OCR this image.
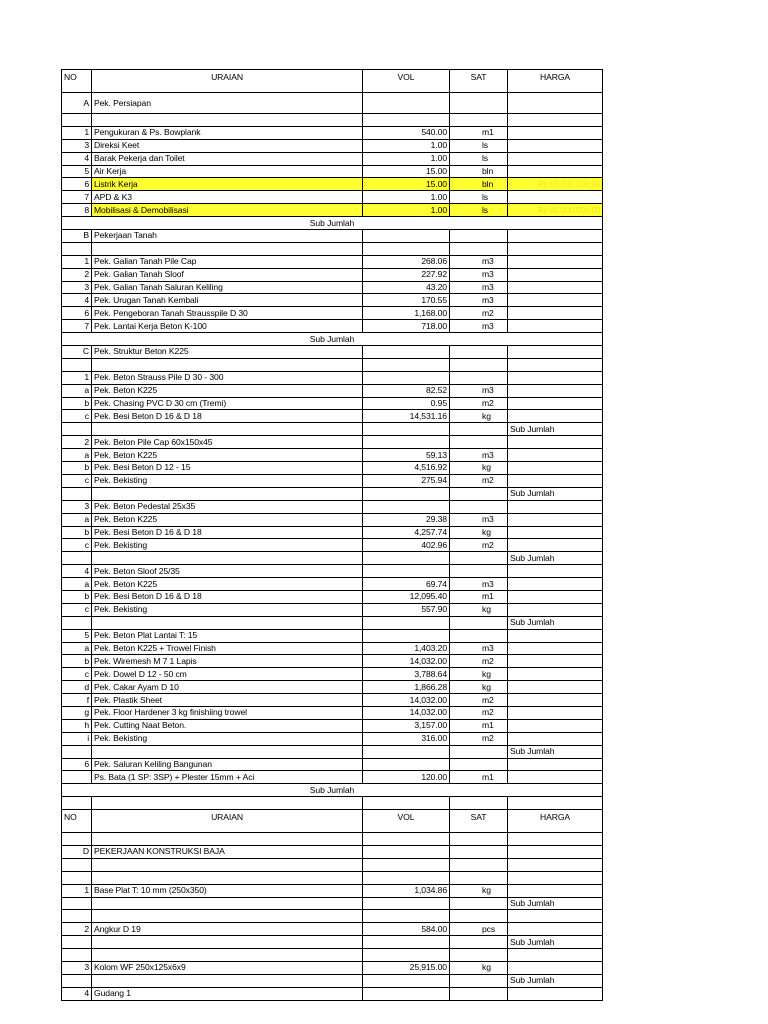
NO	URAIAN	VOL	SAT	HARGA
A	Pek. Persiapan			

1	Pengukuran & Ps. Bowplank	540.00	m1	
3	Direksi Keet	1.00	ls	
4	Barak Pekerja dan Toilet	1.00	ls	
5	Air Kerja	15.00	bln	
6	Listrik Kerja	15.00	bln	Rp.00.000.000,00
7	APD & K3	1.00	ls	
8	Mobilisasi & Demobilisasi	1.00	ls	Rp.00.000.000,00
Sub Jumlah				
B	Pekerjaan Tanah			

1	Pek. Galian Tanah Pile Cap	268.06	m3	
2	Pek. Galian Tanah Sloof	227.92	m3	
3	Pek. Galian Tanah Saluran Keliling	43.20	m3	
4	Pek. Urugan Tanah Kembali	170.55	m3	
6	Pek. Pengeboran Tanah Strausspile D 30	1,168.00	m2	
7	Pek. Lantai Kerja Beton K-100	718.00	m3	
Sub Jumlah				
C	Pek. Struktur Beton K225			

1	Pek. Beton Strauss Pile D 30 - 300			
a	Pek. Beton K225	82.52	m3	
b	Pek. Chasing PVC D 30 cm (Tremi)	0.95	m2	
c	Pek. Besi Beton D 16 & D 18	14,531.16	kg	
				Sub Jumlah
2	Pek. Beton Pile Cap 60x150x45			
a	Pek. Beton K225	59.13	m3	
b	Pek. Besi Beton D 12 - 15	4,516.92	kg	
c	Pek. Bekisting	275.94	m2	
				Sub Jumlah
3	Pek. Beton Pedestal 25x35			
a	Pek. Beton K225	29.38	m3	
b	Pek. Besi Beton D 16 & D 18	4,257.74	kg	
c	Pek. Bekisting	402.96	m2	
				Sub Jumlah
4	Pek. Beton Sloof 25/35			
a	Pek. Beton K225	69.74	m3	
b	Pek. Besi Beton D 16 & D 18	12,095.40	m1	
c	Pek. Bekisting	557.90	kg	
				Sub Jumlah
5	Pek. Beton Plat Lantai T: 15			
a	Pek. Beton K225 + Trowel Finish	1,403.20	m3	
b	Pek. Wiremesh M 7 1 Lapis	14,032.00	m2	
c	Pek. Dowel D 12 - 50 cm	3,788.64	kg	
d	Pek. Cakar Ayam D 10	1,866.28	kg	
f	Pek. Plastik Sheet	14,032.00	m2	
g	Pek. Floor Hardener 3 kg finishiing trowel	14,032.00	m2	
h	Pek. Cutting Naat Beton.	3,157.00	m1	
i	Pek. Bekisting	316.00	m2	
				Sub Jumlah
6	Pek. Saluran Keliling Bangunan			
	Ps. Bata (1 SP: 3SP) + Plester 15mm + Aci	120.00	m1	
Sub Jumlah				

NO	URAIAN	VOL	SAT	HARGA

D	PEKERJAAN KONSTRUKSI BAJA			

1	Base Plat T: 10 mm (250x350)	1,034.86	kg	
				Sub Jumlah

2	Angkur D 19	584.00	pcs	
				Sub Jumlah

3	Kolom WF 250x125x6x9	25,915.00	kg	
				Sub Jumlah
4	Gudang 1			
